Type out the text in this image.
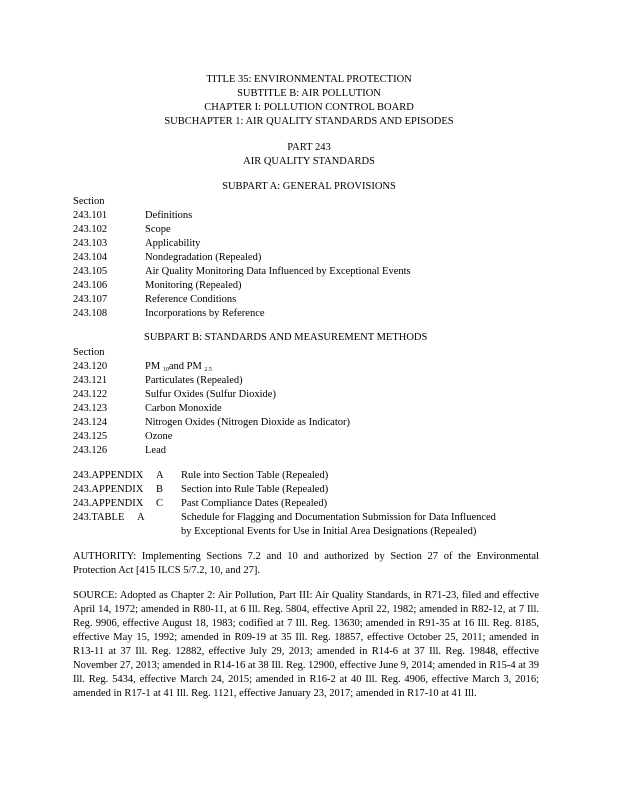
TITLE 35: ENVIRONMENTAL PROTECTION
SUBTITLE B: AIR POLLUTION
CHAPTER I: POLLUTION CONTROL BOARD
SUBCHAPTER 1: AIR QUALITY STANDARDS AND EPISODES
PART 243
AIR QUALITY STANDARDS
SUBPART A: GENERAL PROVISIONS
Section
243.101	Definitions
243.102	Scope
243.103	Applicability
243.104	Nondegradation (Repealed)
243.105	Air Quality Monitoring Data Influenced by Exceptional Events
243.106	Monitoring (Repealed)
243.107	Reference Conditions
243.108	Incorporations by Reference
SUBPART B: STANDARDS AND MEASUREMENT METHODS
Section
243.120	PM $_{10}$and PM $_{2.5}$
243.121	Particulates (Repealed)
243.122	Sulfur Oxides (Sulfur Dioxide)
243.123	Carbon Monoxide
243.124	Nitrogen Oxides (Nitrogen Dioxide as Indicator)
243.125	Ozone
243.126	Lead
243.APPENDIX A Rule into Section Table (Repealed)
243.APPENDIX B Section into Rule Table (Repealed)
243.APPENDIX C Past Compliance Dates (Repealed)
243.TABLE A	Schedule for Flagging and Documentation Submission for Data Influenced
by Exceptional Events for Use in Initial Area Designations (Repealed)
AUTHORITY: Implementing Sections 7.2 and 10 and authorized by Section 27 of the Environmental Protection Act [415 ILCS 5/7.2, 10, and 27].
SOURCE: Adopted as Chapter 2: Air Pollution, Part III: Air Quality Standards, in R71-23, filed and effective April 14, 1972; amended in R80-11, at 6 Ill. Reg. 5804, effective April 22, 1982; amended in R82-12, at 7 Ill. Reg. 9906, effective August 18, 1983; codified at 7 Ill. Reg. 13630; amended in R91-35 at 16 Ill. Reg. 8185, effective May 15, 1992; amended in R09-19 at 35 Ill. Reg. 18857, effective October 25, 2011; amended in R13-11 at 37 Ill. Reg. 12882, effective July 29, 2013; amended in R14-6 at 37 Ill. Reg. 19848, effective November 27, 2013; amended in R14-16 at 38 Ill. Reg. 12900, effective June 9, 2014; amended in R15-4 at 39 Ill. Reg. 5434, effective March 24, 2015; amended in R16-2 at 40 Ill. Reg. 4906, effective March 3, 2016; amended in R17-1 at 41 Ill. Reg. 1121, effective January 23, 2017; amended in R17-10 at 41 Ill.
